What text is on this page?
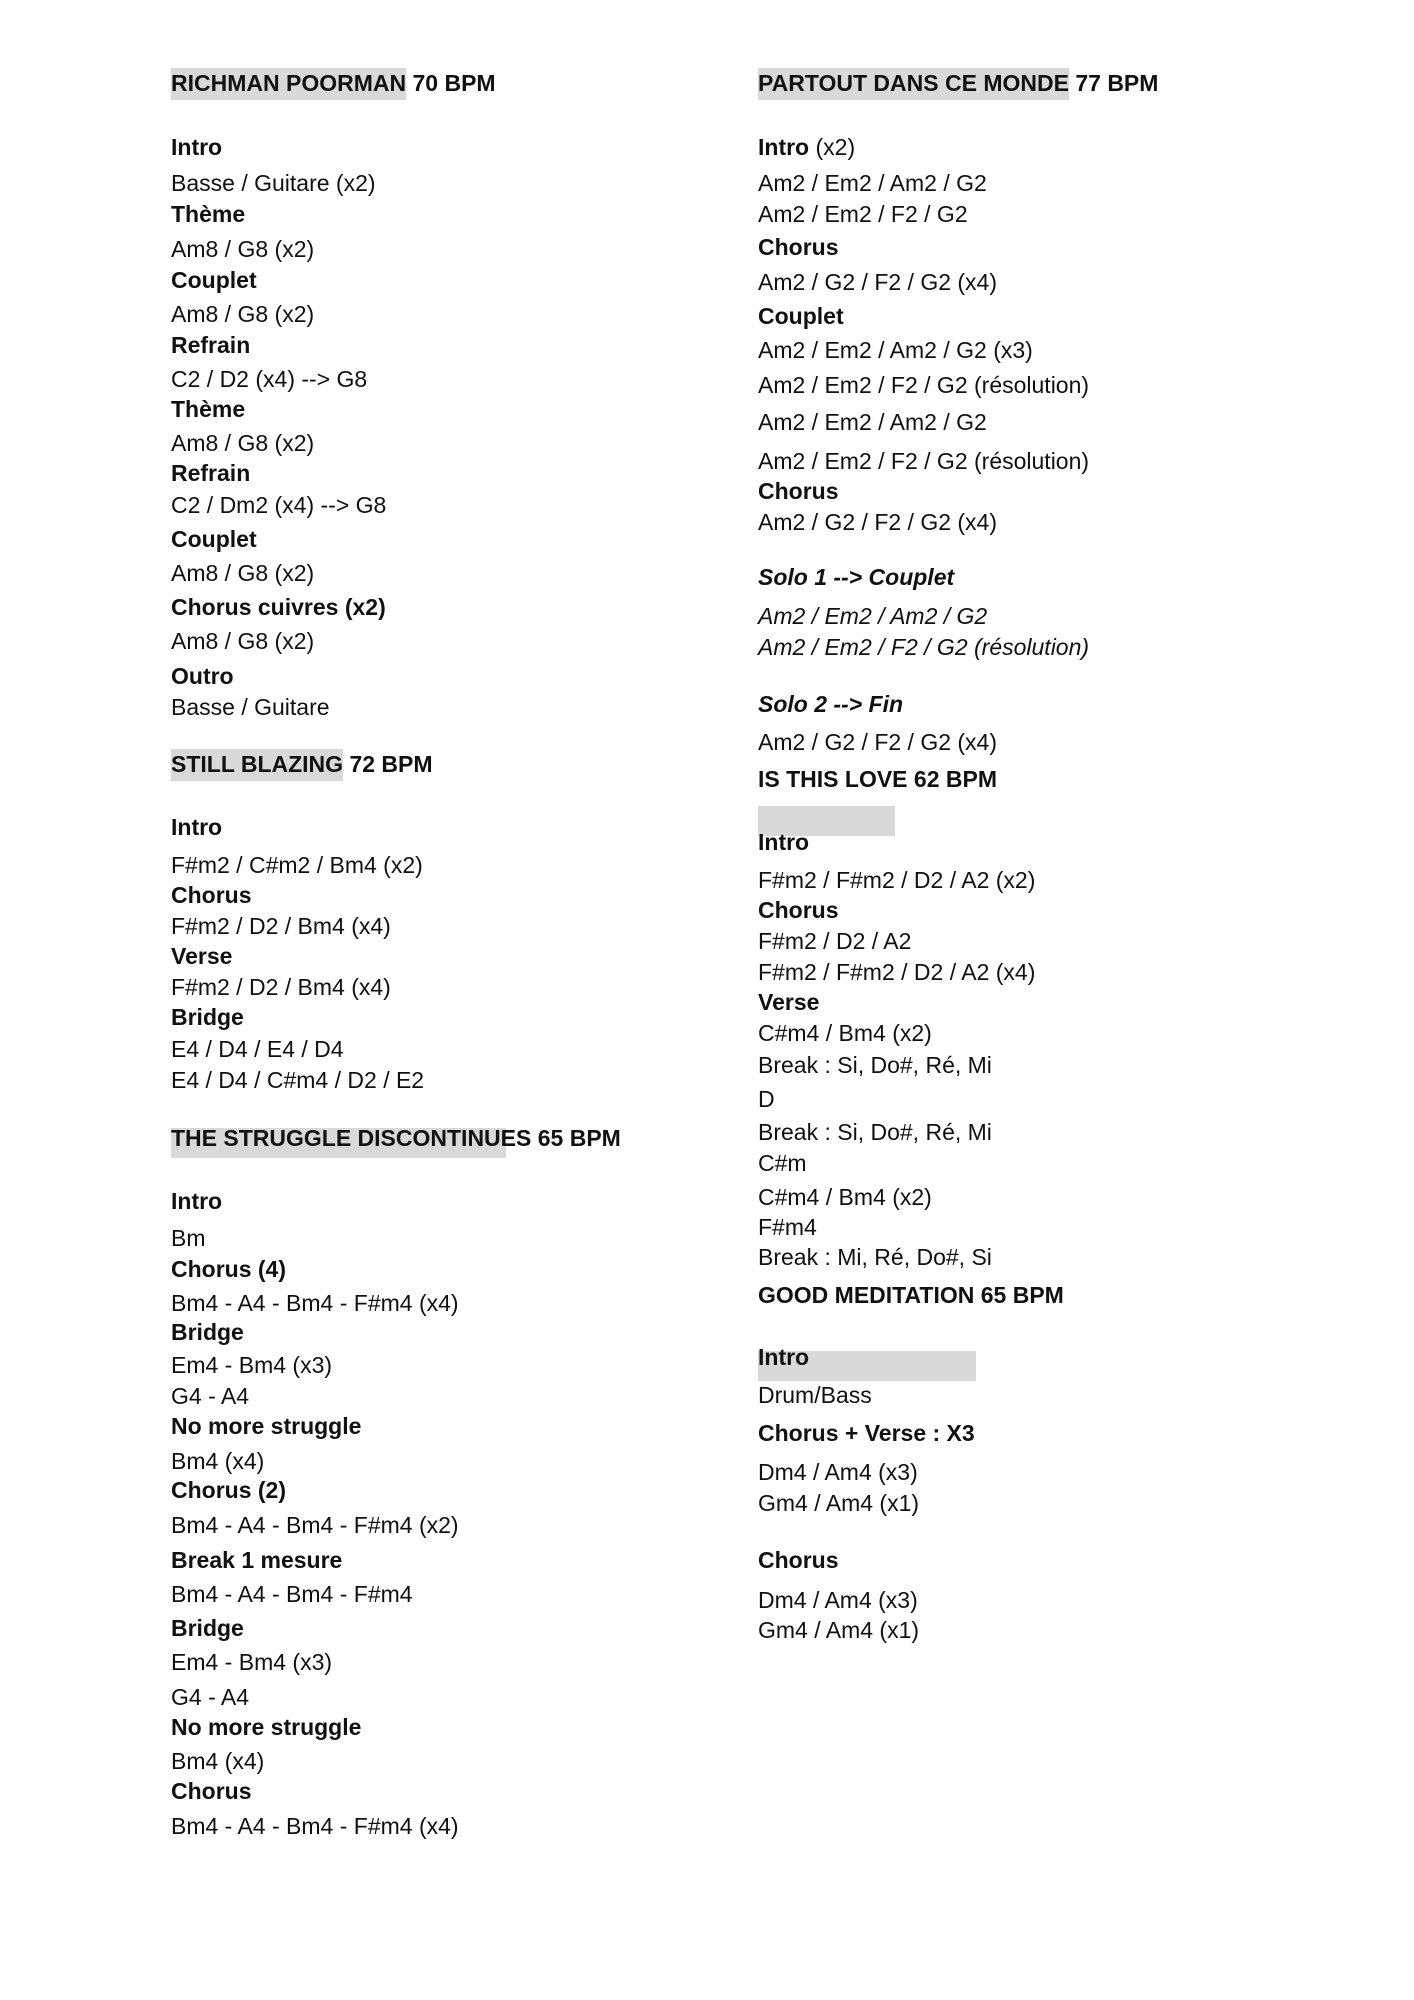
RICHMAN POORMAN 70 BPM
Intro
Basse / Guitare (x2)
Thème
Am8 / G8 (x2)
Couplet
Am8 / G8 (x2)
Refrain
C2 / D2 (x4) --> G8
Thème
Am8 / G8 (x2)
Refrain
C2 / Dm2 (x4) --> G8
Couplet
Am8 / G8 (x2)
Chorus cuivres (x2)
Am8 / G8 (x2)
Outro
Basse / Guitare
STILL BLAZING 72 BPM
Intro
F#m2 / C#m2 / Bm4 (x2)
Chorus
F#m2 / D2 / Bm4 (x4)
Verse
F#m2 / D2 / Bm4 (x4)
Bridge
E4 / D4 / E4 / D4
E4 / D4 / C#m4 / D2 / E2
THE STRUGGLE DISCONTINUES 65 BPM
Intro
Bm
Chorus (4)
Bm4 - A4 - Bm4 - F#m4 (x4)
Bridge
Em4 - Bm4 (x3)
G4 - A4
No more struggle
Bm4 (x4)
Chorus (2)
Bm4 - A4 - Bm4 - F#m4 (x2)
Break 1 mesure
Bm4 - A4 - Bm4 - F#m4
Bridge
Em4 - Bm4 (x3)
G4 - A4
No more struggle
Bm4 (x4)
Chorus
Bm4 - A4 - Bm4 - F#m4 (x4)
PARTOUT DANS CE MONDE 77 BPM
Intro (x2)
Am2 / Em2 / Am2 / G2
Am2 / Em2 / F2 / G2
Chorus
Am2 / G2 / F2 / G2 (x4)
Couplet
Am2 / Em2 / Am2 / G2 (x3)
Am2 / Em2 / F2 / G2 (résolution)
Am2 / Em2 / Am2 / G2
Am2 / Em2 / F2 / G2 (résolution)
Chorus
Am2 / G2 / F2 / G2 (x4)
Solo 1 --> Couplet
Am2 / Em2 / Am2 / G2
Am2 / Em2 / F2 / G2 (résolution)
Solo 2 --> Fin
Am2 / G2 / F2 / G2 (x4)
IS THIS LOVE 62 BPM
Intro
F#m2 / F#m2 / D2 / A2 (x2)
Chorus
F#m2 / D2 / A2
F#m2 / F#m2 / D2 / A2 (x4)
Verse
C#m4 / Bm4 (x2)
Break : Si, Do#, Ré, Mi
D
Break : Si, Do#, Ré, Mi
C#m
C#m4 / Bm4 (x2)
F#m4
Break : Mi, Ré, Do#, Si
GOOD MEDITATION 65 BPM
Intro
Drum/Bass
Chorus + Verse : X3
Dm4 / Am4 (x3)
Gm4 / Am4 (x1)
Chorus
Dm4 / Am4 (x3)
Gm4 / Am4 (x1)
